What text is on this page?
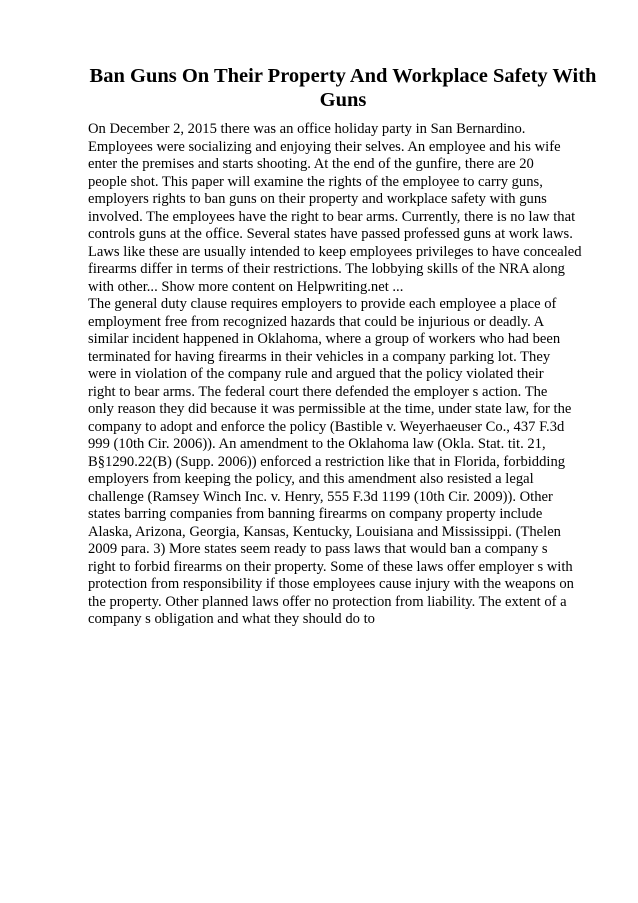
Ban Guns On Their Property And Workplace Safety With
Guns

On December 2, 2015 there was an office holiday party in San Bernardino.
Employees were socializing and enjoying their selves. An employee and his wife
enter the premises and starts shooting. At the end of the gunfire, there are 20
people shot. This paper will examine the rights of the employee to carry guns,
employers rights to ban guns on their property and workplace safety with guns
involved. The employees have the right to bear arms. Currently, there is no law that
controls guns at the office. Several states have passed professed guns at work laws.
Laws like these are usually intended to keep employees privileges to have concealed
firearms differ in terms of their restrictions. The lobbying skills of the NRA along
with other... Show more content on Helpwriting.net ...

The general duty clause requires employers to provide each employee a place of
employment free from recognized hazards that could be injurious or deadly. A
similar incident happened in Oklahoma, where a group of workers who had been
terminated for having firearms in their vehicles in a company parking lot. They
were in violation of the company rule and argued that the policy violated their
right to bear arms. The federal court there defended the employer s action. The
only reason they did because it was permissible at the time, under state law, for the
company to adopt and enforce the policy (Bastible v. Weyerhaeuser Co., 437 F.3d
999 (10th Cir. 2006)). An amendment to the Oklahoma law (Okla. Stat. tit. 21,
B§1290.22(B) (Supp. 2006)) enforced a restriction like that in Florida, forbidding
employers from keeping the policy, and this amendment also resisted a legal
challenge (Ramsey Winch Inc. v. Henry, 555 F.3d 1199 (10th Cir. 2009)). Other
states barring companies from banning firearms on company property include
Alaska, Arizona, Georgia, Kansas, Kentucky, Louisiana and Mississippi. (Thelen
2009 para. 3) More states seem ready to pass laws that would ban a company s
right to forbid firearms on their property. Some of these laws offer employer s with
protection from responsibility if those employees cause injury with the weapons on
the property. Other planned laws offer no protection from liability. The extent of a
company s obligation and what they should do to
